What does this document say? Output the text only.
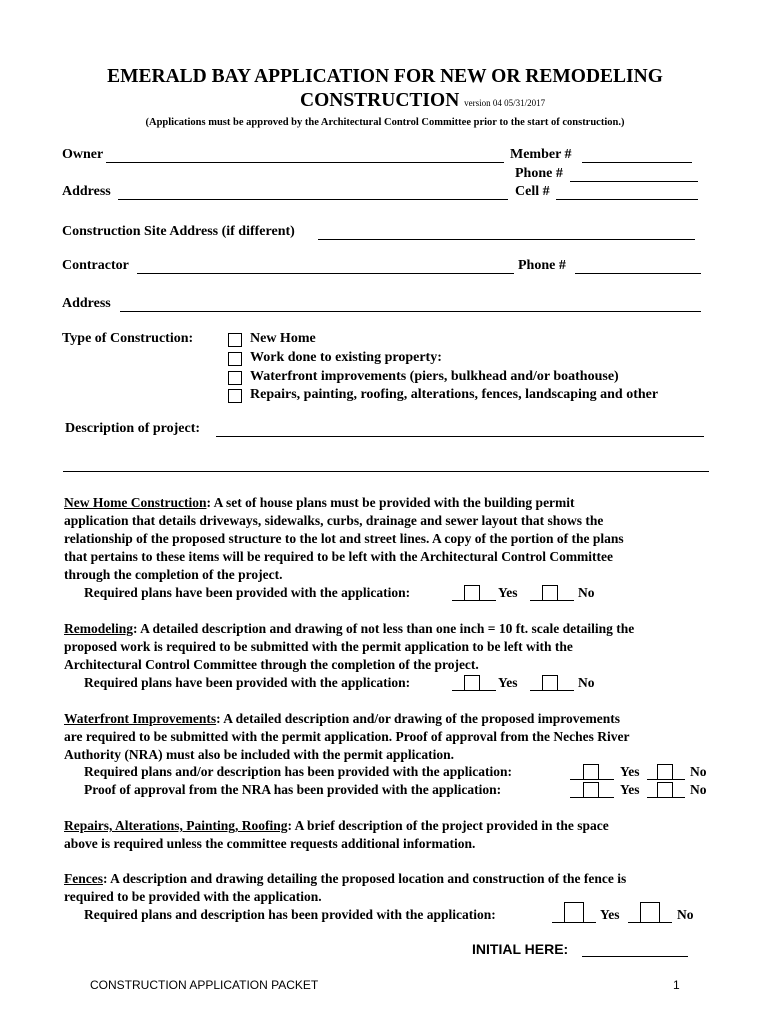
EMERALD BAY APPLICATION FOR NEW OR REMODELING
CONSTRUCTION version 04 05/31/2017
(Applications must be approved by the Architectural Control Committee prior to the start of construction.)
Owner	Member #
Phone #
Address	Cell #
Construction Site Address (if different)
Contractor	Phone #
Address
Type of Construction:	New Home
Work done to existing property:
Waterfront improvements (piers, bulkhead and/or boathouse)
Repairs, painting, roofing, alterations, fences, landscaping and other
Description of project:
New Home Construction: A set of house plans must be provided with the building permit
application that details driveways, sidewalks, curbs, drainage and sewer layout that shows the
relationship of the proposed structure to the lot and street lines. A copy of the portion of the plans
that pertains to these items will be required to be left with the Architectural Control Committee
through the completion of the project.
Required plans have been provided with the application:	Yes	No
Remodeling: A detailed description and drawing of not less than one inch = 10 ft. scale detailing the
proposed work is required to be submitted with the permit application to be left with the
Architectural Control Committee through the completion of the project.
Required plans have been provided with the application:	Yes	No
Waterfront Improvements: A detailed description and/or drawing of the proposed improvements
are required to be submitted with the permit application. Proof of approval from the Neches River
Authority (NRA) must also be included with the permit application.
Required plans and/or description has been provided with the application:	Yes	No
Proof of approval from the NRA has been provided with the application:	Yes	No
Repairs, Alterations, Painting, Roofing: A brief description of the project provided in the space
above is required unless the committee requests additional information.
Fences: A description and drawing detailing the proposed location and construction of the fence is
required to be provided with the application.
Required plans and description has been provided with the application:	Yes	No
INITIAL HERE:
CONSTRUCTION APPLICATION PACKET	1
